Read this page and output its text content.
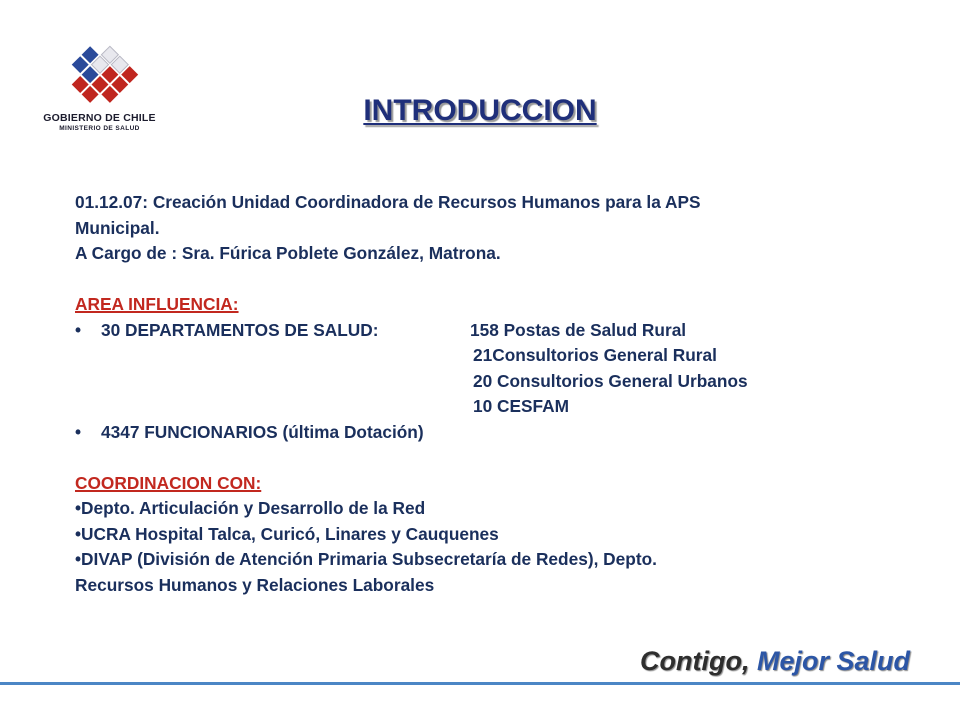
GOBIERNO DE CHILE
MINISTERIO DE SALUD
INTRODUCCION
01.12.07: Creación Unidad Coordinadora de Recursos Humanos para la APS
Municipal.
A Cargo de : Sra. Fúrica Poblete González, Matrona.
AREA INFLUENCIA:
• 30 DEPARTAMENTOS DE SALUD:	158 Postas de Salud Rural
21Consultorios General Rural
20 Consultorios General Urbanos
10 CESFAM
• 4347 FUNCIONARIOS (última Dotación)
COORDINACION CON:
•Depto. Articulación y Desarrollo de la Red
•UCRA Hospital Talca, Curicó, Linares y Cauquenes
•DIVAP (División de Atención Primaria Subsecretaría de Redes), Depto.
Recursos Humanos y Relaciones Laborales
Contigo, Mejor Salud
